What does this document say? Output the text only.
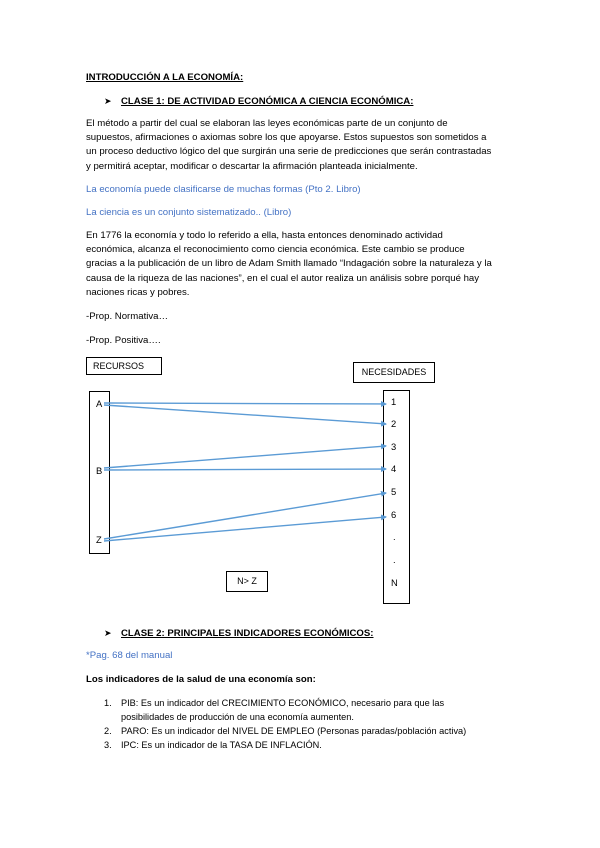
INTRODUCCIÓN A LA ECONOMÍA:
➤ CLASE 1: DE ACTIVIDAD ECONÓMICA A CIENCIA ECONÓMICA:
El método a partir del cual se elaboran las leyes económicas parte de un conjunto de
supuestos, afirmaciones o axiomas sobre los que apoyarse. Estos supuestos son sometidos a
un proceso deductivo lógico del que surgirán una serie de predicciones que serán contrastadas
y permitirá aceptar, modificar o descartar la afirmación planteada inicialmente.
La economía puede clasificarse de muchas formas (Pto 2. Libro)
La ciencia es un conjunto sistematizado.. (Libro)
En 1776 la economía y todo lo referido a ella, hasta entonces denominado actividad
económica, alcanza el reconocimiento como ciencia económica. Este cambio se produce
gracias a la publicación de un libro de Adam Smith llamado “Indagación sobre la naturaleza y la
causa de la riqueza de las naciones”, en el cual el autor realiza un análisis sobre porqué hay
naciones ricas y pobres.
-Prop. Normativa…
-Prop. Positiva….
RECURSOS
NECESIDADES
N> Z
A
B
Z
1
2
3
4
5
6
.
.
N
➤ CLASE 2: PRINCIPALES INDICADORES ECONÓMICOS:
*Pag. 68 del manual
Los indicadores de la salud de una economía son:
1. PIB: Es un indicador del CRECIMIENTO ECONÓMICO, necesario para que las
posibilidades de producción de una economía aumenten.
2. PARO: Es un indicador del NIVEL DE EMPLEO (Personas paradas/población activa)
3. IPC: Es un indicador de la TASA DE INFLACIÓN.
